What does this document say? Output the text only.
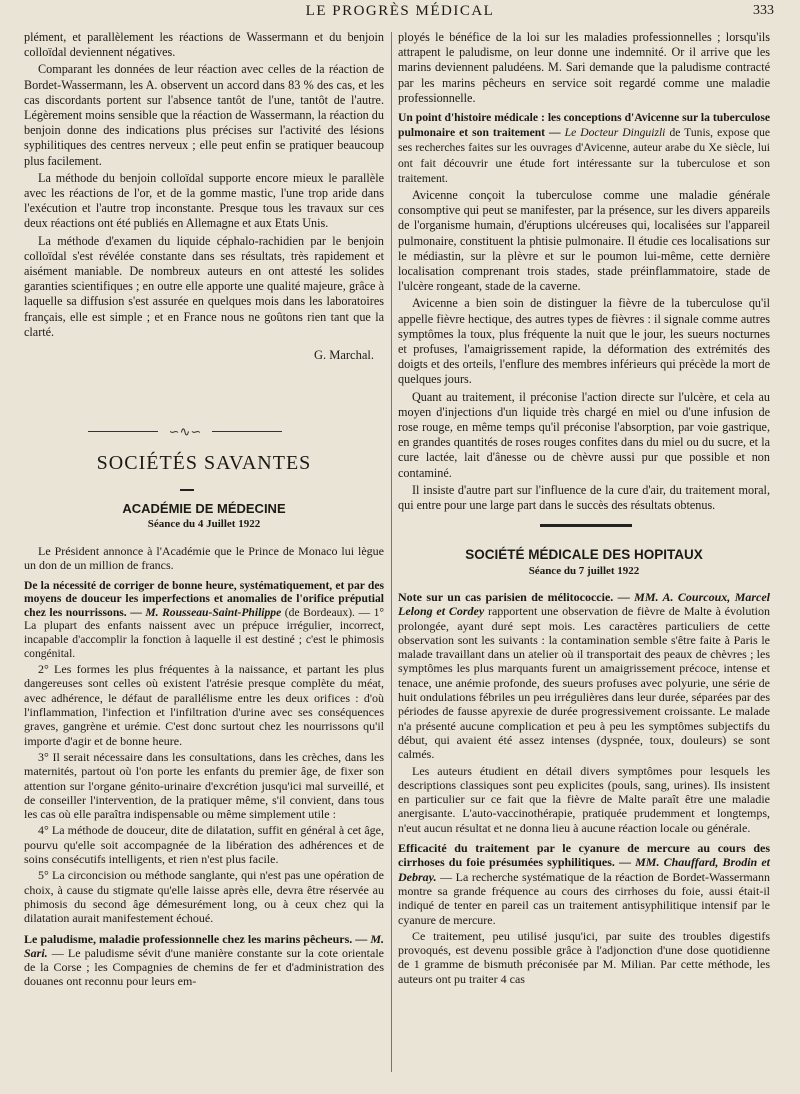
LE PROGRÈS MÉDICAL	333

plément, et parallèlement les réactions de Wassermann et du benjoin colloïdal deviennent négatives.

Comparant les données de leur réaction avec celles de la réaction de Bordet-Wassermann, les A. observent un accord dans 83 % des cas, et les cas discordants portent sur l'absence tantôt de l'une, tantôt de l'autre. Légèrement moins sensible que la réaction de Wassermann, la réaction du benjoin donne des indications plus précises sur l'activité des lésions syphilitiques des centres nerveux ; elle peut enfin se pratiquer beaucoup plus facilement.

La méthode du benjoin colloïdal supporte encore mieux le parallèle avec les réactions de l'or, et de la gomme mastic, l'une trop aride dans l'exécution et l'autre trop inconstante. Presque tous les travaux sur ces deux réactions ont été publiés en Allemagne et aux Etats Unis.

La méthode d'examen du liquide céphalo-rachidien par le benjoin colloïdal s'est révélée constante dans ses résultats, très rapidement et aisément maniable. De nombreux auteurs en ont attesté les solides garanties scientifiques ; en outre elle apporte une qualité majeure, grâce à laquelle sa diffusion s'est assurée en quelques mois dans les laboratoires français, elle est simple ; et en France nous ne goûtons rien tant que la clarté.

G. Marchal.
∽∿∽
SOCIÉTÉS SAVANTES
ACADÉMIE DE MÉDECINE
Séance du 4 Juillet 1922

Le Président annonce à l'Académie que le Prince de Monaco lui lègue un don de un million de francs.

De la nécessité de corriger de bonne heure, systématiquement, et par des moyens de douceur les imperfections et anomalies de l'orifice préputial chez les nourrissons. — M. Rousseau-Saint-Philippe (de Bordeaux). — 1° La plupart des enfants naissent avec un prépuce irrégulier, incorrect, incapable d'accomplir la fonction à laquelle il est destiné ; c'est le phimosis congénital.

2° Les formes les plus fréquentes à la naissance, et partant les plus dangereuses sont celles où existent l'atrésie presque complète du méat, avec adhérence, le défaut de parallélisme entre les deux orifices : d'où l'inflammation, l'infection et l'infiltration d'urine avec ses conséquences graves, gangrène et urémie. C'est donc surtout chez les nourrissons qu'il importe d'agir et de bonne heure.

3° Il serait nécessaire dans les consultations, dans les crèches, dans les maternités, partout où l'on porte les enfants du premier âge, de fixer son attention sur l'organe génito-urinaire d'excrétion jusqu'ici mal surveillé, et de conseiller l'intervention, de la pratiquer même, s'il convient, dans tous les cas où elle paraîtra indispensable ou même simplement utile :

4° La méthode de douceur, dite de dilatation, suffit en général à cet âge, pourvu qu'elle soit accompagnée de la libération des adhérences et de soins consécutifs intelligents, et rien n'est plus facile.

5° La circoncision ou méthode sanglante, qui n'est pas une opération de choix, à cause du stigmate qu'elle laisse après elle, devra être réservée au phimosis du second âge démesurément long, ou à ceux chez qui la dilatation aurait manifestement échoué.

Le paludisme, maladie professionnelle chez les marins pêcheurs. — M. Sari. — Le paludisme sévit d'une manière constante sur la cote orientale de la Corse ; les Compagnies de chemins de fer et d'administration des douanes ont reconnu pour leurs em-

ployés le bénéfice de la loi sur les maladies professionnelles ; lorsqu'ils attrapent le paludisme, on leur donne une indemnité. Or il arrive que les marins deviennent paludéens. M. Sari demande que la paludisme contracté par les marins pêcheurs en service soit regardé comme une maladie professionnelle.

Un point d'histoire médicale : les conceptions d'Avicenne sur la tuberculose pulmonaire et son traitement — Le Docteur Dinguizli de Tunis, expose que ses recherches faites sur les ouvrages d'Avicenne, auteur arabe du Xe siècle, lui ont fait découvrir une étude fort intéressante sur la tuberculose et son traitement.

Avicenne conçoit la tuberculose comme une maladie générale consomptive qui peut se manifester, par la présence, sur les divers appareils de l'organisme humain, d'éruptions ulcéreuses qui, localisées sur l'appareil pulmonaire, constituent la phtisie pulmonaire. Il étudie ces localisations sur le médiastin, sur la plèvre et sur le poumon lui-même, cette dernière localisation comprenant trois stades, stade préinflammatoire, stade de l'ulcère rongeant, stade de la caverne.

Avicenne a bien soin de distinguer la fièvre de la tuberculose qu'il appelle fièvre hectique, des autres types de fièvres : il signale comme autres symptômes la toux, plus fréquente la nuit que le jour, les sueurs nocturnes et profuses, l'amaigrissement rapide, la déformation des extrémités des doigts et des orteils, l'enflure des membres inférieurs qui précède la mort de quelques jours.

Quant au traitement, il préconise l'action directe sur l'ulcère, et cela au moyen d'injections d'un liquide très chargé en miel ou d'une infusion de rose rouge, en même temps qu'il préconise l'absorption, par voie gastrique, en grandes quantités de roses rouges confites dans du miel ou du sucre, et la cure lactée, lait d'ânesse ou de chèvre aussi pur que possible et non contaminé.

Il insiste d'autre part sur l'influence de la cure d'air, du traitement moral, qui entre pour une large part dans le succès des résultats obtenus.

SOCIÉTÉ MÉDICALE DES HOPITAUX
Séance du 7 juillet 1922

Note sur un cas parisien de mélitococcie. — MM. A. Courcoux, Marcel Lelong et Cordey rapportent une observation de fièvre de Malte à évolution prolongée, ayant duré sept mois. Les caractères particuliers de cette observation sont les suivants : la contamination semble s'être faite à Paris le malade travaillant dans un atelier où il transportait des peaux de chèvres ; les symptômes les plus marquants furent un amaigrissement précoce, intense et tenace, une anémie profonde, des sueurs profuses avec polyurie, une série de huit ondulations fébriles un peu irrégulières dans leur durée, séparées par des périodes de fausse apyrexie de durée progressivement croissante. Le malade n'a présenté aucune complication et peu à peu les symptômes subjectifs du début, qui avaient été assez intenses (dyspnée, toux, douleurs) se sont calmés.

Les auteurs étudient en détail divers symptômes pour lesquels les descriptions classiques sont peu explicites (pouls, sang, urines). Ils insistent en particulier sur ce fait que la fièvre de Malte paraît être une maladie anergisante. L'auto-vaccinothérapie, pratiquée prudemment et longtemps, n'eut aucun résultat et ne donna lieu à aucune réaction locale ou générale.

Efficacité du traitement par le cyanure de mercure au cours des cirrhoses du foie présumées syphilitiques. — MM. Chauffard, Brodin et Debray. — La recherche systématique de la réaction de Bordet-Wassermann montre sa grande fréquence au cours des cirrhoses du foie, aussi était-il indiqué de tenter en pareil cas un traitement antisyphilitique intensif par le cyanure de mercure.

Ce traitement, peu utilisé jusqu'ici, par suite des troubles digestifs provoqués, est devenu possible grâce à l'adjonction d'une dose quotidienne de 1 gramme de bismuth préconisée par M. Milian. Par cette méthode, les auteurs ont pu traiter 4 cas
